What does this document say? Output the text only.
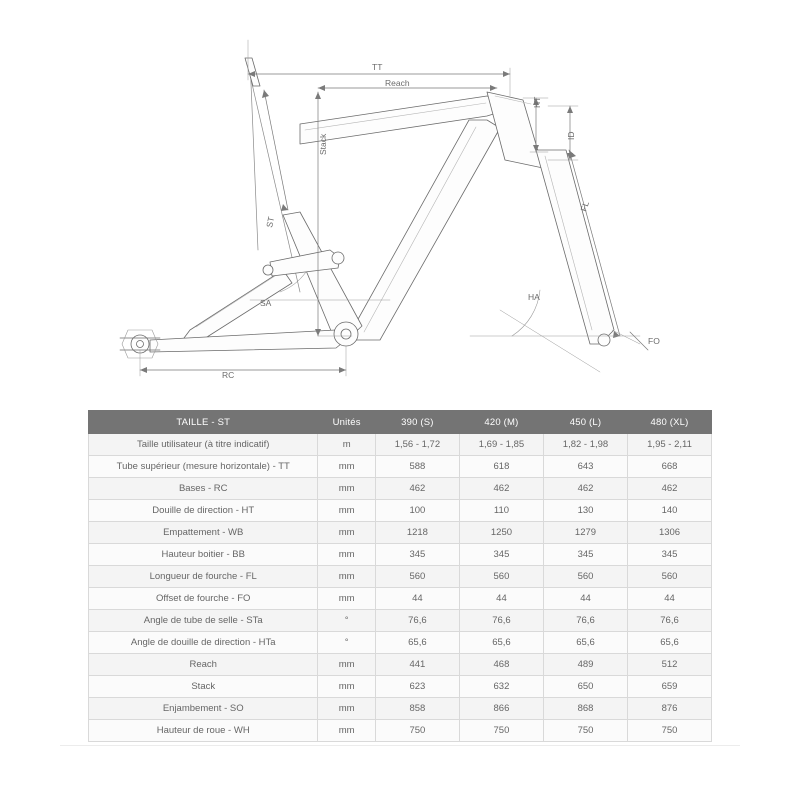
TT
Reach
Stack
HT
ID
FL
ST
SA
HA
FO
RC
TAILLE - ST	Unités	390 (S)	420 (M)	450 (L)	480 (XL)
Taille utilisateur (à titre indicatif)	m	1,56 - 1,72	1,69 - 1,85	1,82 - 1,98	1,95 - 2,11
Tube supérieur (mesure horizontale) - TT	mm	588	618	643	668
Bases - RC	mm	462	462	462	462
Douille de direction - HT	mm	100	110	130	140
Empattement - WB	mm	1218	1250	1279	1306
Hauteur boitier - BB	mm	345	345	345	345
Longueur de fourche - FL	mm	560	560	560	560
Offset de fourche - FO	mm	44	44	44	44
Angle de tube de selle - STa	°	76,6	76,6	76,6	76,6
Angle de douille de direction - HTa	°	65,6	65,6	65,6	65,6
Reach	mm	441	468	489	512
Stack	mm	623	632	650	659
Enjambement - SO	mm	858	866	868	876
Hauteur de roue - WH	mm	750	750	750	750
